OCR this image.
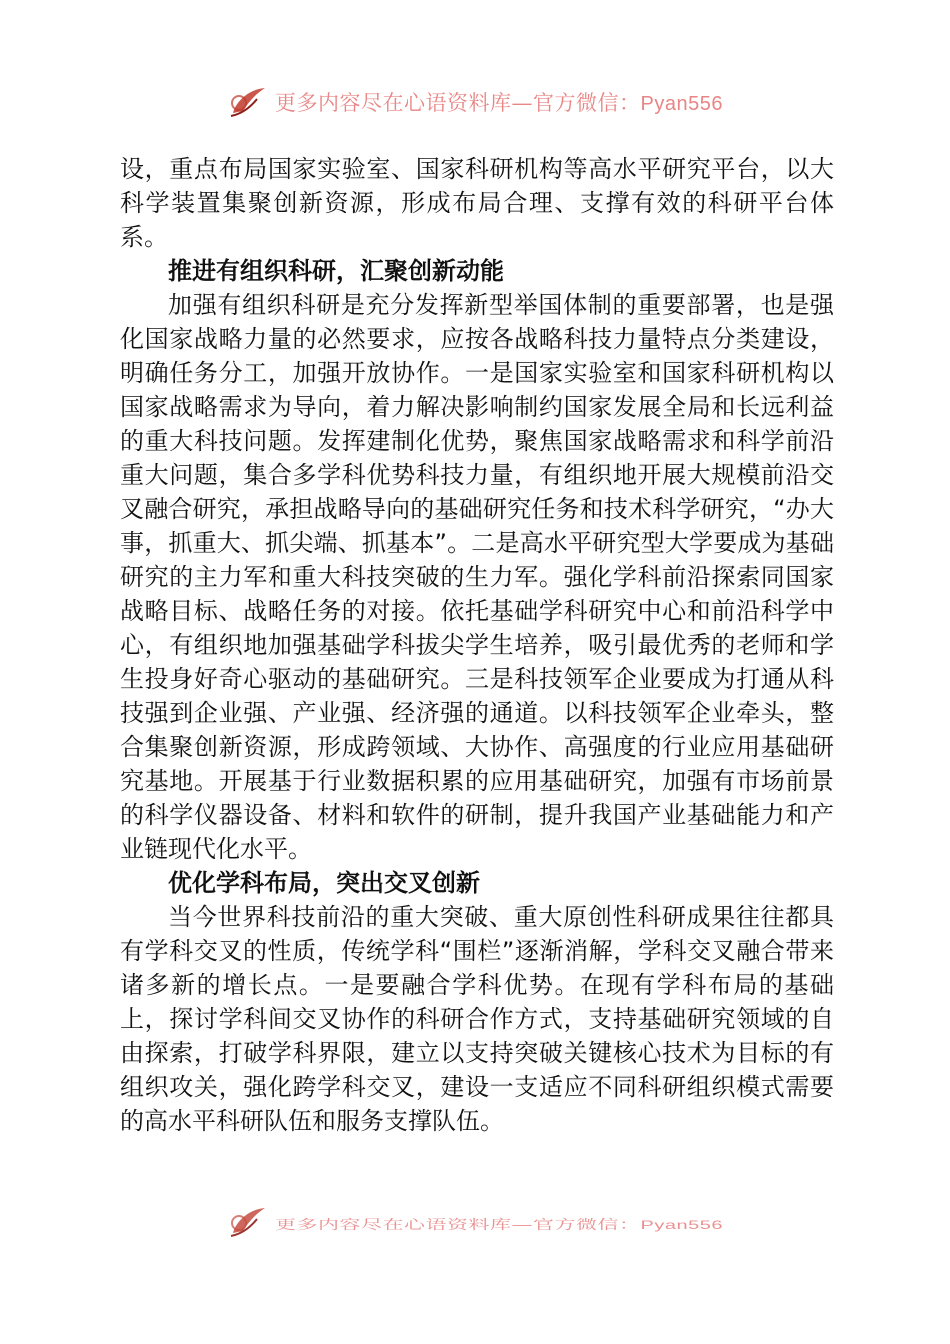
更多内容尽在心语资料库—官方微信：Pyan556

设，重点布局国家实验室、国家科研机构等高水平研究平台，以大科学装置集聚创新资源，形成布局合理、支撑有效的科研平台体系。

推进有组织科研，汇聚创新动能

加强有组织科研是充分发挥新型举国体制的重要部署，也是强化国家战略力量的必然要求，应按各战略科技力量特点分类建设，明确任务分工，加强开放协作。一是国家实验室和国家科研机构以国家战略需求为导向，着力解决影响制约国家发展全局和长远利益的重大科技问题。发挥建制化优势，聚焦国家战略需求和科学前沿重大问题，集合多学科优势科技力量，有组织地开展大规模前沿交叉融合研究，承担战略导向的基础研究任务和技术科学研究，“办大事，抓重大、抓尖端、抓基本”。二是高水平研究型大学要成为基础研究的主力军和重大科技突破的生力军。强化学科前沿探索同国家战略目标、战略任务的对接。依托基础学科研究中心和前沿科学中心，有组织地加强基础学科拔尖学生培养，吸引最优秀的老师和学生投身好奇心驱动的基础研究。三是科技领军企业要成为打通从科技强到企业强、产业强、经济强的通道。以科技领军企业牵头，整合集聚创新资源，形成跨领域、大协作、高强度的行业应用基础研究基地。开展基于行业数据积累的应用基础研究，加强有市场前景的科学仪器设备、材料和软件的研制，提升我国产业基础能力和产业链现代化水平。

优化学科布局，突出交叉创新

当今世界科技前沿的重大突破、重大原创性科研成果往往都具有学科交叉的性质，传统学科“围栏”逐渐消解，学科交叉融合带来诸多新的增长点。一是要融合学科优势。在现有学科布局的基础上，探讨学科间交叉协作的科研合作方式，支持基础研究领域的自由探索，打破学科界限，建立以支持突破关键核心技术为目标的有组织攻关，强化跨学科交叉，建设一支适应不同科研组织模式需要的高水平科研队伍和服务支撑队伍。

更多内容尽在心语资料库—官方微信：Pyan556
